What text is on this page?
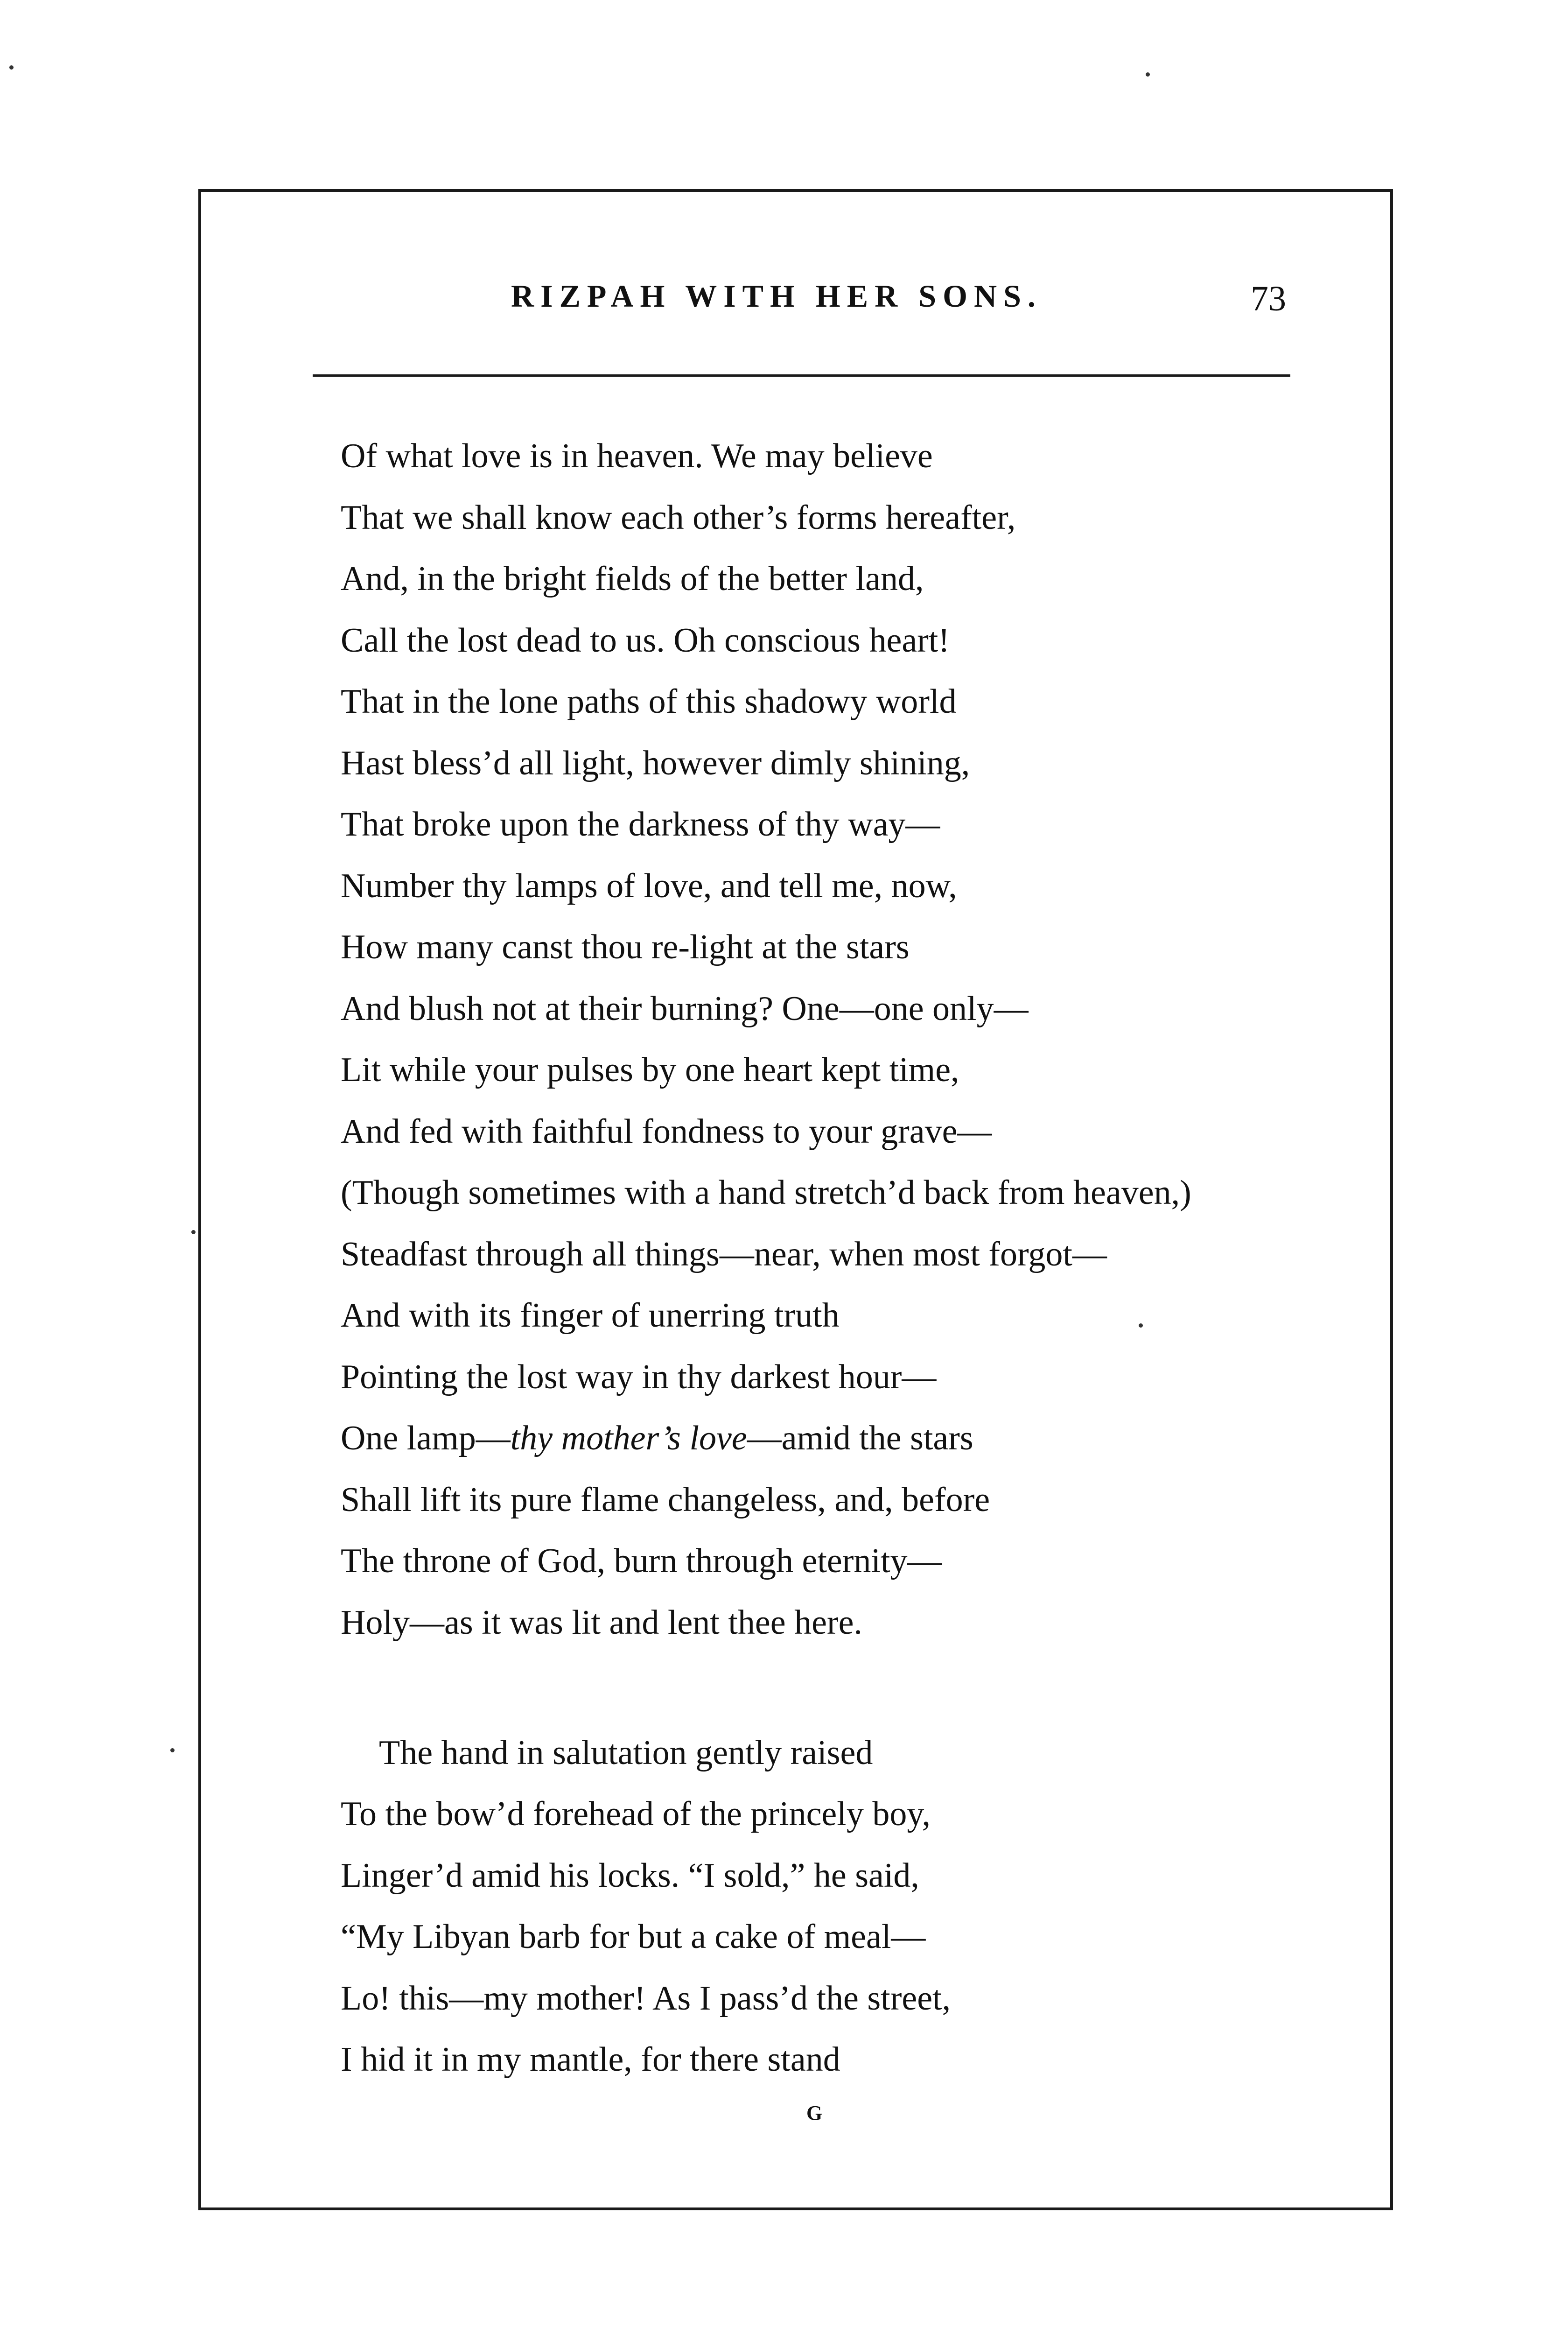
RIZPAH WITH HER SONS.	73
Of what love is in heaven. We may believe
That we shall know each other’s forms hereafter,
And, in the bright fields of the better land,
Call the lost dead to us. Oh conscious heart!
That in the lone paths of this shadowy world
Hast bless’d all light, however dimly shining,
That broke upon the darkness of thy way—
Number thy lamps of love, and tell me, now,
How many canst thou re-light at the stars
And blush not at their burning? One—one only—
Lit while your pulses by one heart kept time,
And fed with faithful fondness to your grave—
(Though sometimes with a hand stretch’d back from heaven,)
Steadfast through all things—near, when most forgot—
And with its finger of unerring truth
Pointing the lost way in thy darkest hour—
One lamp—thy mother’s love—amid the stars
Shall lift its pure flame changeless, and, before
The throne of God, burn through eternity—
Holy—as it was lit and lent thee here.
The hand in salutation gently raised
To the bow’d forehead of the princely boy,
Linger’d amid his locks. “I sold,” he said,
“My Libyan barb for but a cake of meal—
Lo! this—my mother! As I pass’d the street,
I hid it in my mantle, for there stand
G
